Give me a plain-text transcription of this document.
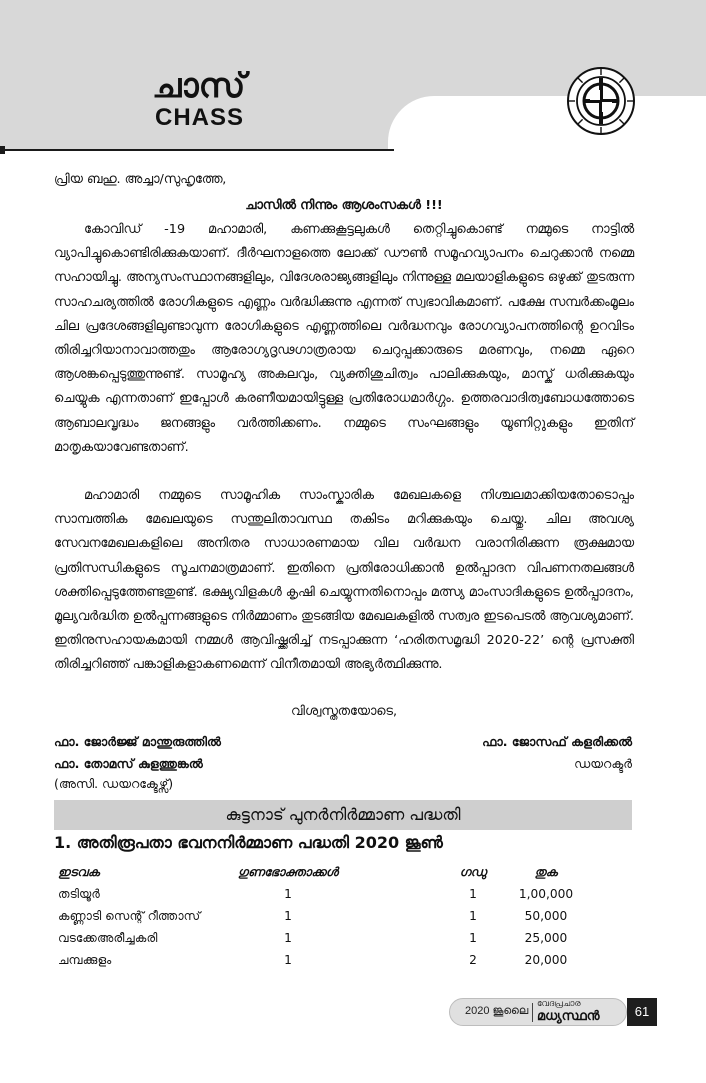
ചാസ്
CHASS
പ്രിയ ബഹു. അച്ചാ/സുഹൃത്തേ,
ചാസിൽ നിന്നും ആശംസകൾ !!!

കോവിഡ് -19 മഹാമാരി, കണക്കുകൂട്ടലുകൾ തെറ്റിച്ചുകൊണ്ട് നമ്മുടെ നാട്ടിൽ വ്യാപിച്ചുകൊണ്ടിരിക്കുകയാണ്. ദീർഘനാളത്തെ ലോക്ക് ഡൗൺ സമൂഹവ്യാപനം ചെറുക്കാൻ നമ്മെ സഹായിച്ചു. അന്യസംസ്ഥാനങ്ങളിലും, വിദേശരാജ്യങ്ങളിലും നിന്നുള്ള മലയാളികളുടെ ഒഴുക്ക് തുടരുന്ന സാഹചര്യത്തിൽ രോഗികളുടെ എണ്ണം വർദ്ധിക്കുന്നു എന്നത് സ്വഭാവികമാണ്. പക്ഷേ സമ്പർക്കംമൂലം ചില പ്രദേശങ്ങളിലുണ്ടാവുന്ന രോഗികളുടെ എണ്ണത്തിലെ വർദ്ധനവും രോഗവ്യാപനത്തിന്റെ ഉറവിടം തിരിച്ചറിയാനാവാത്തതും ആരോഗ്യദൃഢഗാത്രരായ ചെറുപ്പക്കാരുടെ മരണവും, നമ്മെ ഏറെ ആശങ്കപ്പെടുത്തുന്നുണ്ട്. സാമൂഹ്യ അകലവും, വ്യക്തിശുചിത്വം പാലിക്കുകയും, മാസ്ക് ധരിക്കുകയും ചെയ്യുക എന്നതാണ് ഇപ്പോൾ കരണീയമായിട്ടുള്ള പ്രതിരോധമാർഗ്ഗം. ഉത്തരവാദിത്വബോധത്തോടെ ആബാലവൃദ്ധം ജനങ്ങളും വർത്തിക്കണം. നമ്മുടെ സംഘങ്ങളും യൂണിറ്റുകളും ഇതിന് മാതൃകയാവേണ്ടതാണ്.

മഹാമാരി നമ്മുടെ സാമൂഹിക സാംസ്കാരിക മേഖലകളെ നിശ്ചലമാക്കിയതോടൊപ്പം സാമ്പത്തിക മേഖലയുടെ സന്തുലിതാവസ്ഥ തകിടം മറിക്കുകയും ചെയ്തു. ചില അവശ്യ സേവനമേഖലകളിലെ അനിതര സാധാരണമായ വില വർദ്ധന വരാനിരിക്കുന്ന രൂക്ഷമായ പ്രതിസന്ധികളുടെ സൂചനമാത്രമാണ്. ഇതിനെ പ്രതിരോധിക്കാൻ ഉൽപ്പാദന വിപണനതലങ്ങൾ ശക്തിപ്പെടുത്തേണ്ടതുണ്ട്. ഭക്ഷ്യവിളകൾ കൃഷി ചെയ്യുന്നതിനൊപ്പം മത്സ്യ മാംസാദികളുടെ ഉൽപ്പാദനം, മൂല്യവർദ്ധിത ഉൽപ്പന്നങ്ങളുടെ നിർമ്മാണം തുടങ്ങിയ മേഖലകളിൽ സത്വര ഇടപെടൽ ആവശ്യമാണ്. ഇതിനുസഹായകമായി നമ്മൾ ആവിഷ്ക്കരിച്ച് നടപ്പാക്കുന്ന ‘ഹരിതസമൃദ്ധി 2020-22’ ന്റെ പ്രസക്തി തിരിച്ചറിഞ്ഞ് പങ്കാളികളാകണമെന്ന് വിനീതമായി അഭ്യർത്ഥിക്കുന്നു.

വിശ്വസ്തതയോടെ,
ഫാ. ജോർജ്ജ് മാന്തുരുത്തിൽ	ഫാ. ജോസഫ് കളരിക്കൽ
ഫാ. തോമസ് കുളത്തുങ്കൽ	ഡയറക്ടർ
(അസി. ഡയറക്ടേഴ്സ്)
കുട്ടനാട് പുനർനിർമ്മാണ പദ്ധതി
1. അതിരൂപതാ ഭവനനിർമ്മാണ പദ്ധതി 2020 ജൂൺ
ഇടവക	ഗുണഭോക്താക്കൾ	ഗഡു	തുക
തടിയൂർ	1	1	1,00,000
കണ്ണാടി സെന്റ് റീത്താസ്	1	1	50,000
വടക്കേഅരീച്ചകരി	1	1	25,000
ചമ്പക്കുളം	1	2	20,000
2020 ജൂലൈ
വേദപ്രചാര
മധ്യസ്ഥൻ	61
